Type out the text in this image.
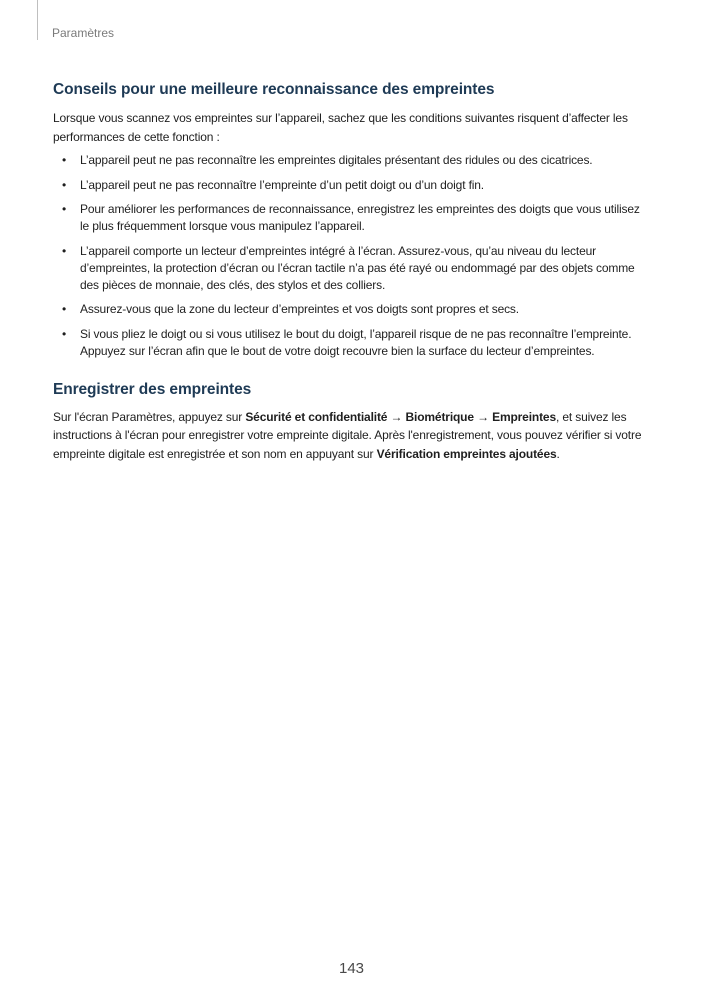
Paramètres
Conseils pour une meilleure reconnaissance des empreintes

Lorsque vous scannez vos empreintes sur l’appareil, sachez que les conditions suivantes risquent d’affecter les performances de cette fonction :

• L’appareil peut ne pas reconnaître les empreintes digitales présentant des ridules ou des cicatrices.
• L’appareil peut ne pas reconnaître l’empreinte d’un petit doigt ou d’un doigt fin.
• Pour améliorer les performances de reconnaissance, enregistrez les empreintes des doigts que vous utilisez le plus fréquemment lorsque vous manipulez l’appareil.
• L’appareil comporte un lecteur d’empreintes intégré à l’écran. Assurez-vous, qu’au niveau du lecteur d’empreintes, la protection d’écran ou l’écran tactile n’a pas été rayé ou endommagé par des objets comme des pièces de monnaie, des clés, des stylos et des colliers.
• Assurez-vous que la zone du lecteur d’empreintes et vos doigts sont propres et secs.
• Si vous pliez le doigt ou si vous utilisez le bout du doigt, l’appareil risque de ne pas reconnaître l’empreinte. Appuyez sur l’écran afin que le bout de votre doigt recouvre bien la surface du lecteur d’empreintes.
Enregistrer des empreintes

Sur l'écran Paramètres, appuyez sur Sécurité et confidentialité → Biométrique → Empreintes, et suivez les instructions à l'écran pour enregistrer votre empreinte digitale. Après l'enregistrement, vous pouvez vérifier si votre empreinte digitale est enregistrée et son nom en appuyant sur Vérification empreintes ajoutées.

143
